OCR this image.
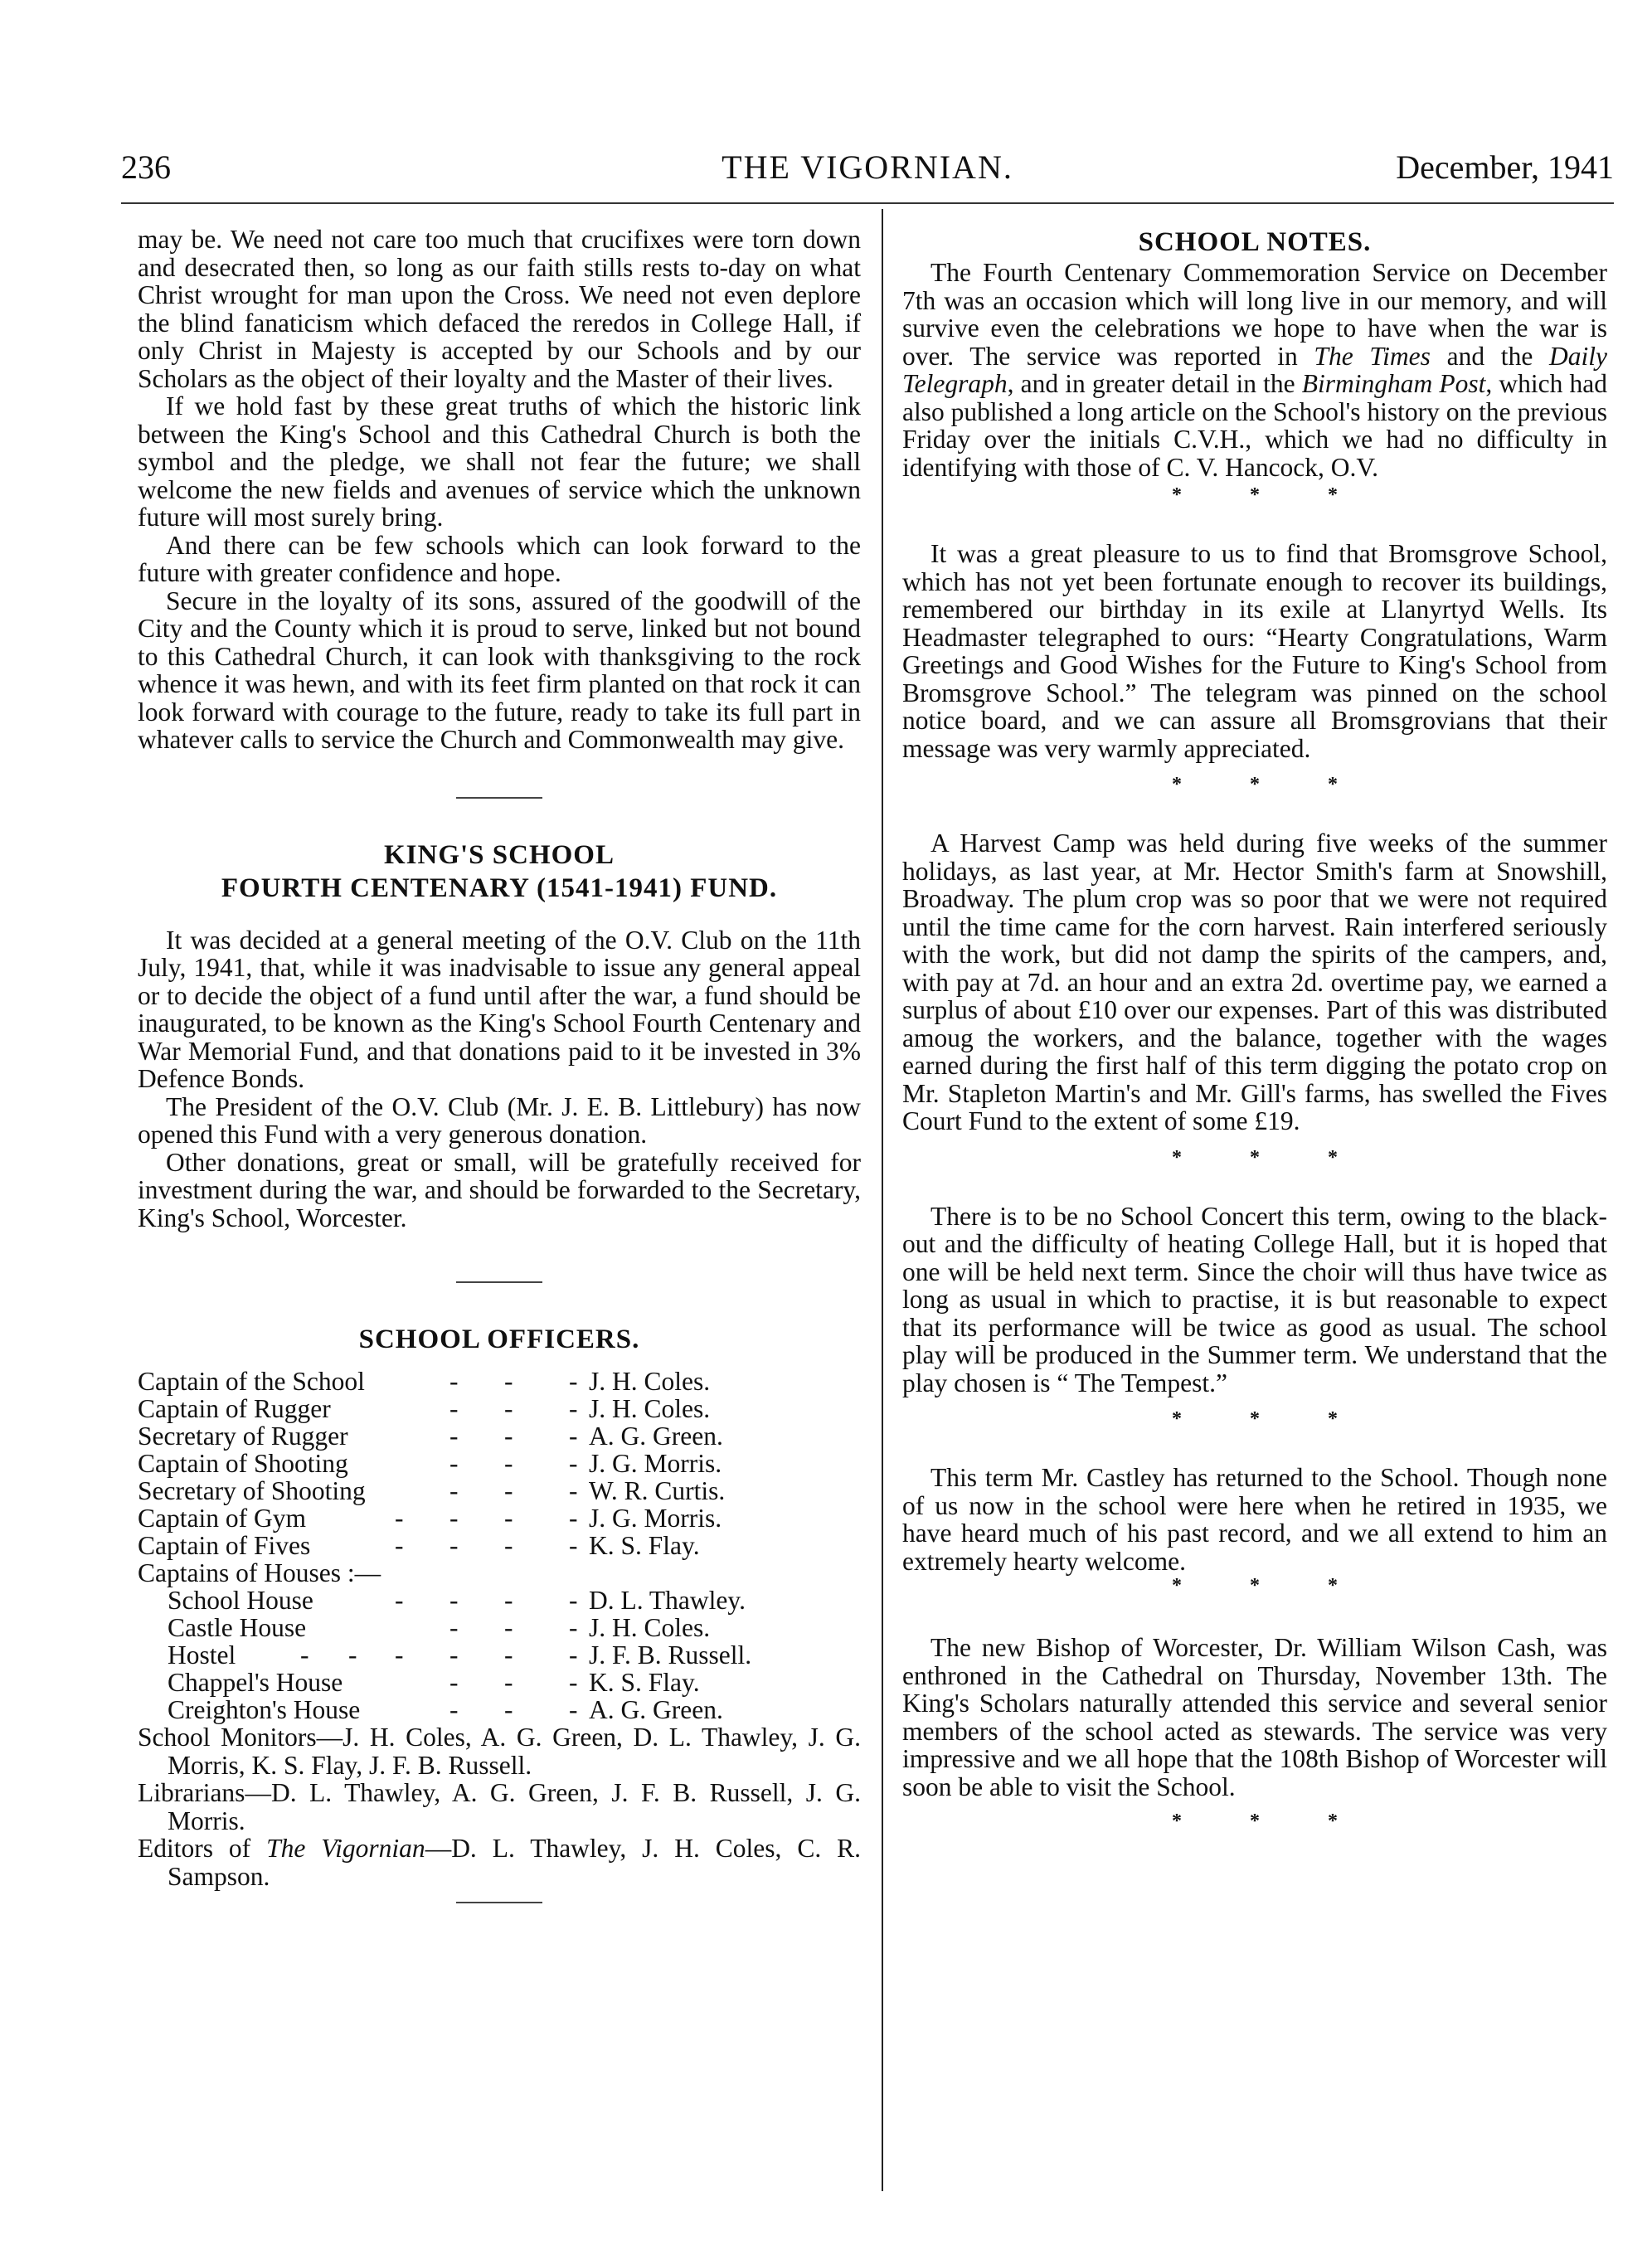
236	THE VIGORNIAN.	December, 1941

may be. We need not care too much that crucifixes were torn down and desecrated then, so long as our faith stills rests to-day on what Christ wrought for man upon the Cross. We need not even deplore the blind fanaticism which defaced the reredos in College Hall, if only Christ in Majesty is accepted by our Schools and by our Scholars as the object of their loyalty and the Master of their lives.

If we hold fast by these great truths of which the historic link between the King's School and this Cathedral Church is both the symbol and the pledge, we shall not fear the future; we shall welcome the new fields and avenues of service which the unknown future will most surely bring.

And there can be few schools which can look forward to the future with greater confidence and hope.

Secure in the loyalty of its sons, assured of the goodwill of the City and the County which it is proud to serve, linked but not bound to this Cathedral Church, it can look with thanksgiving to the rock whence it was hewn, and with its feet firm planted on that rock it can look forward with courage to the future, ready to take its full part in whatever calls to service the Church and Commonwealth may give.

KING'S SCHOOL
FOURTH CENTENARY (1541-1941) FUND.

It was decided at a general meeting of the O.V. Club on the 11th July, 1941, that, while it was inadvisable to issue any general appeal or to decide the object of a fund until after the war, a fund should be inaugurated, to be known as the King's School Fourth Centenary and War Memorial Fund, and that donations paid to it be invested in 3% Defence Bonds.

The President of the O.V. Club (Mr. J. E. B. Littlebury) has now opened this Fund with a very generous donation.

Other donations, great or small, will be gratefully received for investment during the war, and should be forwarded to the Secretary, King's School, Worcester.

SCHOOL OFFICERS.
Captain of the School	- - - J. H. Coles.
Captain of Rugger	- - - J. H. Coles.
Secretary of Rugger	- - - A. G. Green.
Captain of Shooting	- - - J. G. Morris.
Secretary of Shooting	- - - W. R. Curtis.
Captain of Gym	- - - - J. G. Morris.
Captain of Fives	- - - - K. S. Flay.
Captains of Houses :—
School House	- - - - D. L. Thawley.
Castle House	- - - J. H. Coles.
Hostel - - - - - - J. F. B. Russell.
Chappel's House	- - - K. S. Flay.
Creighton's House	- - - A. G. Green.
School Monitors—J. H. Coles, A. G. Green, D. L. Thawley, J. G. Morris, K. S. Flay, J. F. B. Russell.
Librarians—D. L. Thawley, A. G. Green, J. F. B. Russell, J. G. Morris.
Editors of The Vigornian—D. L. Thawley, J. H. Coles, C. R. Sampson.
SCHOOL NOTES.

The Fourth Centenary Commemoration Service on December 7th was an occasion which will long live in our memory, and will survive even the celebrations we hope to have when the war is over. The service was reported in The Times and the Daily Telegraph, and in greater detail in the Birmingham Post, which had also published a long article on the School's history on the previous Friday over the initials C.V.H., which we had no difficulty in identifying with those of C. V. Hancock, O.V.

* * *

It was a great pleasure to us to find that Bromsgrove School, which has not yet been fortunate enough to recover its buildings, remembered our birthday in its exile at Llanyrtyd Wells. Its Headmaster telegraphed to ours: “Hearty Congratulations, Warm Greetings and Good Wishes for the Future to King's School from Bromsgrove School.” The telegram was pinned on the school notice board, and we can assure all Bromsgrovians that their message was very warmly appreciated.

* * *

A Harvest Camp was held during five weeks of the summer holidays, as last year, at Mr. Hector Smith's farm at Snowshill, Broadway. The plum crop was so poor that we were not required until the time came for the corn harvest. Rain interfered seriously with the work, but did not damp the spirits of the campers, and, with pay at 7d. an hour and an extra 2d. overtime pay, we earned a surplus of about £10 over our expenses. Part of this was distributed amoug the workers, and the balance, together with the wages earned during the first half of this term digging the potato crop on Mr. Stapleton Martin's and Mr. Gill's farms, has swelled the Fives Court Fund to the extent of some £19.

* * *

There is to be no School Concert this term, owing to the black-out and the difficulty of heating College Hall, but it is hoped that one will be held next term. Since the choir will thus have twice as long as usual in which to practise, it is but reasonable to expect that its performance will be twice as good as usual. The school play will be produced in the Summer term. We understand that the play chosen is “ The Tempest.”

* * *

This term Mr. Castley has returned to the School. Though none of us now in the school were here when he retired in 1935, we have heard much of his past record, and we all extend to him an extremely hearty welcome.

* * *

The new Bishop of Worcester, Dr. William Wilson Cash, was enthroned in the Cathedral on Thursday, November 13th. The King's Scholars naturally attended this service and several senior members of the school acted as stewards. The service was very impressive and we all hope that the 108th Bishop of Worcester will soon be able to visit the School.

* * *
